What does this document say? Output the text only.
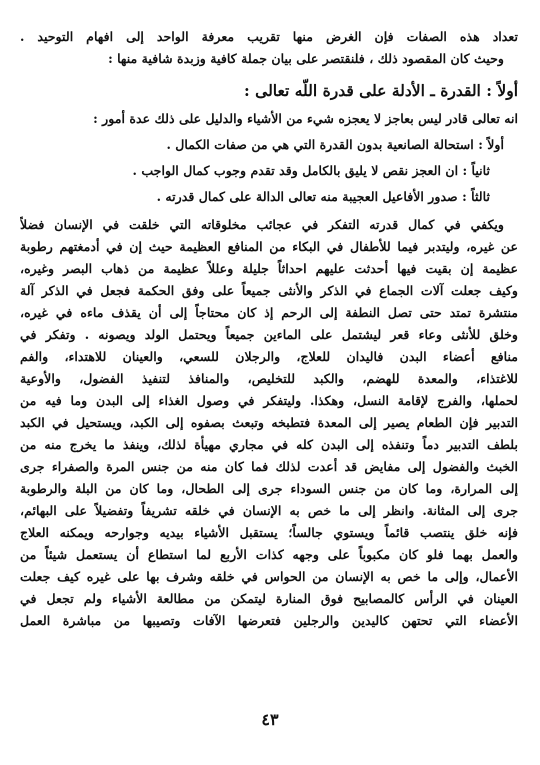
تعداد هذه الصفات فإن الغرض منها تقريب معرفة الواحد إلى افهام التوحيد .
وحيث كان المقصود ذلك ، فلنقتصر على بيان جملة كافية وزبدة شافية منها :
أولاً : القدرة ـ الأدلة على قدرة اللّه تعالى :
انه تعالى قادر ليس بعاجز لا يعجزه شيء من الأشياء والدليل على ذلك عدة أمور :
أولاً : استحالة الصانعية بدون القدرة التي هي من صفات الكمال .
ثانياً : ان العجز نقص لا يليق بالكامل وقد تقدم وجوب كمال الواجب .
ثالثاً : صدور الأفاعيل العجيبة منه تعالى الدالة على كمال قدرته .
ويكفي في كمال قدرته التفكر في عجائب مخلوقاته التي خلقت في الإنسان فضلاً
عن غيره، وليتدبر فيما للأطفال في البكاء من المنافع العظيمة حيث إن في أدمغتهم رطوبة
عظيمة إن بقيت فيها أحدثت عليهم احداثاً جليلة وعللاً عظيمة من ذهاب البصر وغيره،
وكيف جعلت آلات الجماع في الذكر والأنثى جميعاً على وفق الحكمة فجعل في الذكر آلة
منتشرة تمتد حتى تصل النطفة إلى الرحم إذ كان محتاجاً إلى أن يقذف ماءه في غيره،
وخلق للأنثى وعاء قعر ليشتمل على الماءين جميعاً ويحتمل الولد ويصونه . وتفكر في
منافع أعضاء البدن فاليدان للعلاج، والرجلان للسعي، والعينان للاهتداء، والفم
للاغتذاء، والمعدة للهضم، والكبد للتخليص، والمنافذ لتنفيذ الفضول، والأوعية
لحملها، والفرج لإقامة النسل، وهكذا. وليتفكر في وصول الغذاء إلى البدن وما فيه من
التدبير فإن الطعام يصير إلى المعدة فتطبخه وتبعث بصفوه إلى الكبد، ويستحيل في الكبد
بلطف التدبير دماً وتنفذه إلى البدن كله في مجاري مهيأة لذلك، وينفذ ما يخرج منه من
الخبث والفضول إلى مفايض قد أعدت لذلك فما كان منه من جنس المرة والصفراء جرى
إلى المرارة، وما كان من جنس السوداء جرى إلى الطحال، وما كان من البلة والرطوبة
جرى إلى المثانة. وانظر إلى ما خص به الإنسان في خلقه تشريفاً وتفضيلاً على البهائم،
فإنه خلق ينتصب قائماً ويستوي جالساً؛ يستقبل الأشياء بيديه وجوارحه ويمكنه العلاج
والعمل بهما فلو كان مكبوباً على وجهه كذات الأربع لما استطاع أن يستعمل شيئاً من
الأعمال، وإلى ما خص به الإنسان من الحواس في خلقه وشرف بها على غيره كيف جعلت
العينان في الرأس كالمصابيح فوق المنارة ليتمكن من مطالعة الأشياء ولم تجعل في
الأعضاء التي تحتهن كاليدين والرجلين فتعرضها الآفات وتصيبها من مباشرة العمل
٤٣
